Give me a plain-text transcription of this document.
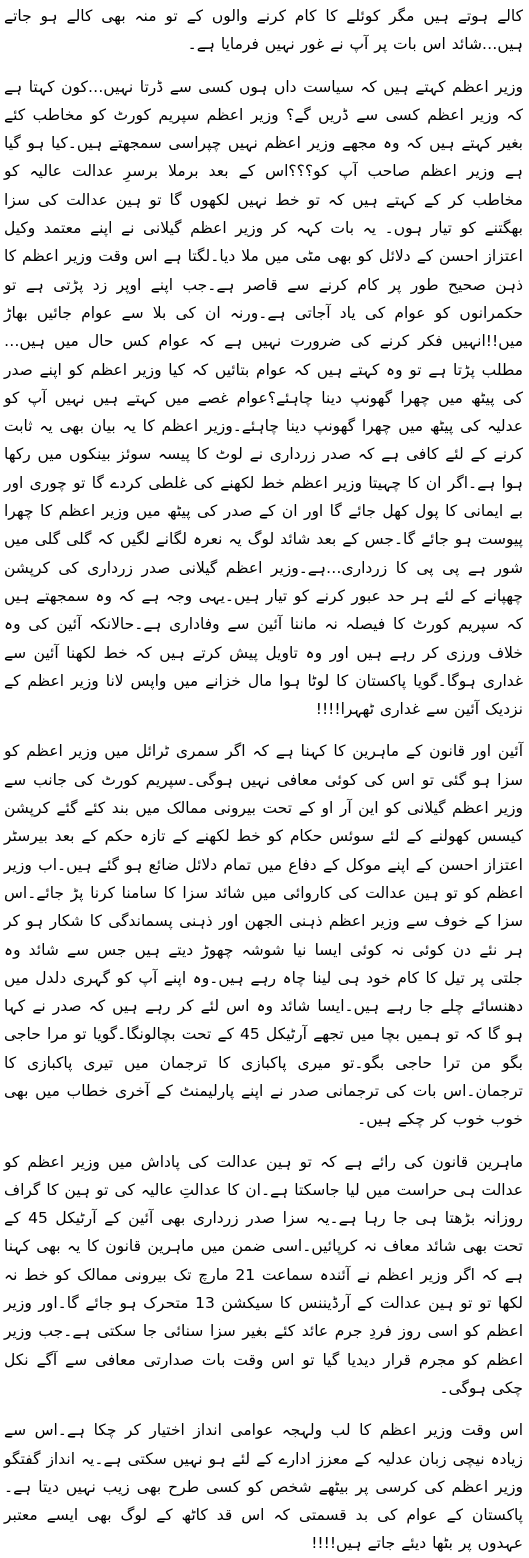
کالے ہوتے ہیں مگر کوئلے کا کام کرنے والوں کے تو منہ بھی کالے ہو جاتے ہیں…شائد اس بات پر آپ نے غور نہیں فرمایا ہے۔

وزیر اعظم کہتے ہیں کہ سیاست داں ہوں کسی سے ڈرتا نہیں…کون کہتا ہے کہ وزیر اعظم کسی سے ڈریں گے؟ وزیر اعظم سپریم کورٹ کو مخاطب کئے بغیر کہتے ہیں کہ وہ مجھے وزیر اعظم نہیں چپراسی سمجھتے ہیں۔کیا ہو گیا ہے وزیر اعظم صاحب آپ کو؟؟؟اس کے بعد برملا برسرِ عدالت عالیہ کو مخاطب کر کے کہتے ہیں کہ تو خط نہیں لکھوں گا تو ہین عدالت کی سزا بھگتنے کو تیار ہوں۔ یہ بات کہہ کر وزیر اعظم گیلانی نے اپنے معتمد وکیل اعتزاز احسن کے دلائل کو بھی مٹی میں ملا دیا۔لگتا ہے اس وقت وزیر اعظم کا ذہن صحیح طور پر کام کرنے سے قاصر ہے۔جب اپنے اوپر زد پڑتی ہے تو حکمرانوں کو عوام کی یاد آجاتی ہے۔ورنہ ان کی بلا سے عوام جائیں بھاڑ میں!!انہیں فکر کرنے کی ضرورت نہیں ہے کہ عوام کس حال میں ہیں…مطلب پڑتا ہے تو وہ کہتے ہیں کہ عوام بتائیں کہ کیا وزیر اعظم کو اپنے صدر کی پیٹھ میں چھرا گھونپ دینا چاہئے؟عوام غصے میں کہتے ہیں نہیں آپ کو عدلیہ کی پیٹھ میں چھرا گھونپ دینا چاہئے۔وزیر اعظم کا یہ بیان بھی یہ ثابت کرنے کے لئے کافی ہے کہ صدر زرداری نے لوٹ کا پیسہ سوئز بینکوں میں رکھا ہوا ہے۔اگر ان کا چہیتا وزیر اعظم خط لکھنے کی غلطی کردے گا تو چوری اور بے ایمانی کا پول کھل جائے گا اور ان کے صدر کی پیٹھ میں وزیر اعظم کا چھرا پیوست ہو جائے گا۔جس کے بعد شائد لوگ یہ نعرہ لگانے لگیں کہ گلی گلی میں شور ہے پی پی کا زرداری…ہے۔وزیر اعظم گیلانی صدر زرداری کی کرپشن چھپانے کے لئے ہر حد عبور کرنے کو تیار ہیں۔یہی وجہ ہے کہ وہ سمجھتے ہیں کہ سپریم کورٹ کا فیصلہ نہ ماننا آئین سے وفاداری ہے۔حالانکہ آئین کی وہ خلاف ورزی کر رہے ہیں اور وہ تاویل پیش کرتے ہیں کہ خط لکھنا آئین سے غداری ہوگا۔گویا پاکستان کا لوٹا ہوا مال خزانے میں واپس لانا وزیر اعظم کے نزدیک آئین سے غداری ٹھہرا!!!!

آئین اور قانون کے ماہرین کا کہنا ہے کہ اگر سمری ٹرائل میں وزیر اعظم کو سزا ہو گئی تو اس کی کوئی معافی نہیں ہوگی۔سپریم کورٹ کی جانب سے وزیر اعظم گیلانی کو این آر او کے تحت بیرونی ممالک میں بند کئے گئے کرپشن کیسس کھولنے کے لئے سوئس حکام کو خط لکھنے کے تازہ حکم کے بعد بیرسٹر اعتزاز احسن کے اپنے موکل کے دفاع میں تمام دلائل ضائع ہو گئے ہیں۔اب وزیر اعظم کو تو ہین عدالت کی کاروائی میں شائد سزا کا سامنا کرنا پڑ جائے۔اس سزا کے خوف سے وزیر اعظم ذہنی الجھن اور ذہنی پسماندگی کا شکار ہو کر ہر نئے دن کوئی نہ کوئی ایسا نیا شوشہ چھوڑ دیتے ہیں جس سے شائد وہ جلتی پر تیل کا کام خود ہی لینا چاہ رہے ہیں۔وہ اپنے آپ کو گہری دلدل میں دھنسائے چلے جا رہے ہیں۔ایسا شائد وہ اس لئے کر رہے ہیں کہ صدر نے کہا ہو گا کہ تو ہمیں بچا میں تجھے آرٹیکل 45 کے تحت بچالونگا۔گویا تو مرا حاجی بگو من ترا حاجی بگو۔تو میری پاکبازی کا ترجمان میں تیری پاکبازی کا ترجمان۔اس بات کی ترجمانی صدر نے اپنے پارلیمنٹ کے آخری خطاب میں بھی خوب خوب کر چکے ہیں۔

ماہرین قانون کی رائے ہے کہ تو ہین عدالت کی پاداش میں وزیر اعظم کو عدالت ہی حراست میں لیا جاسکتا ہے۔ان کا عدالتِ عالیہ کی تو ہین کا گراف روزانہ بڑھتا ہی جا رہا ہے۔یہ سزا صدر زرداری بھی آئین کے آرٹیکل 45 کے تحت بھی شائد معاف نہ کرپائیں۔اسی ضمن میں ماہرین قانون کا یہ بھی کہنا ہے کہ اگر وزیر اعظم نے آئندہ سماعت 21 مارچ تک بیرونی ممالک کو خط نہ لکھا تو تو ہین عدالت کے آرڈیننس کا سیکشن 13 متحرک ہو جائے گا۔اور وزیر اعظم کو اسی روز فردِ جرم عائد کئے بغیر سزا سنائی جا سکتی ہے۔جب وزیر اعظم کو مجرم قرار دیدیا گیا تو اس وقت بات صدارتی معافی سے آگے نکل چکی ہوگی۔

اس وقت وزیر اعظم کا لب ولہجہ عوامی انداز اختیار کر چکا ہے۔اس سے زیادہ نیچی زبان عدلیہ کے معزز ادارے کے لئے ہو نہیں سکتی ہے۔یہ انداز گفتگو وزیر اعظم کی کرسی پر بیٹھے شخص کو کسی طرح بھی زیب نہیں دیتا ہے۔پاکستان کے عوام کی بد قسمتی کہ اس قد کاٹھ کے لوگ بھی ایسے معتبر عہدوں پر بٹھا دیئے جاتے ہیں!!!!
